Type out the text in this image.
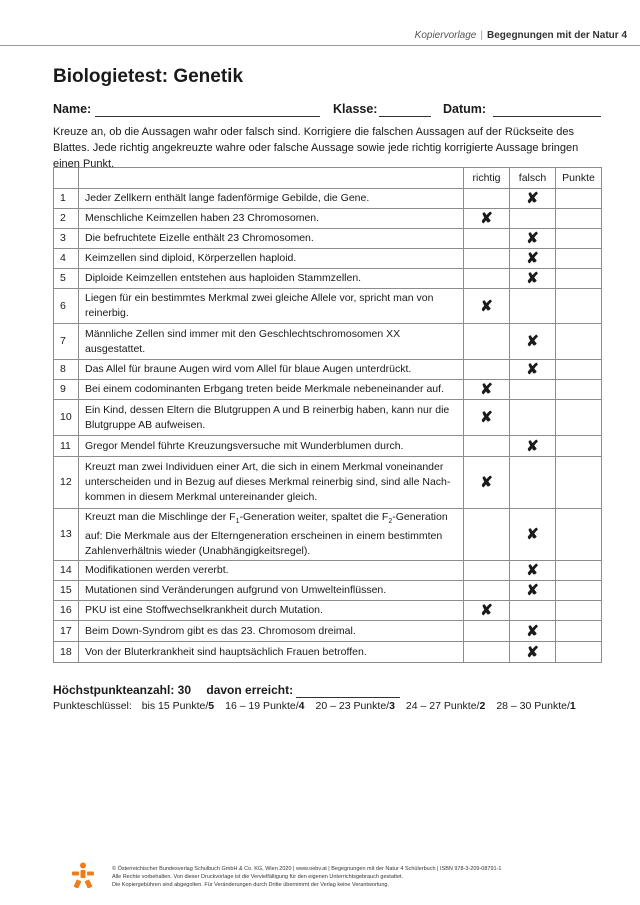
Kopiervorlage | Begegnungen mit der Natur 4
Biologietest: Genetik
Name:	Klasse:	Datum:
Kreuze an, ob die Aussagen wahr oder falsch sind. Korrigiere die falschen Aussagen auf der Rückseite des Blattes. Jede richtig angekreuzte wahre oder falsche Aussage sowie jede richtig korrigierte Aussage bringen einen Punkt.
		richtig	falsch	Punkte
1	Jeder Zellkern enthält lange fadenförmige Gebilde, die Gene.		✘	
2	Menschliche Keimzellen haben 23 Chromosomen.	✘		
3	Die befruchtete Eizelle enthält 23 Chromosomen.		✘	
4	Keimzellen sind diploid, Körperzellen haploid.		✘	
5	Diploide Keimzellen entstehen aus haploiden Stammzellen.		✘	
6	Liegen für ein bestimmtes Merkmal zwei gleiche Allele vor, spricht man von reinerbig.	✘		
7	Männliche Zellen sind immer mit den Geschlechtschromosomen XX ausgestattet.		✘	
8	Das Allel für braune Augen wird vom Allel für blaue Augen unterdrückt.		✘	
9	Bei einem codominanten Erbgang treten beide Merkmale nebeneinander auf.	✘		
10	Ein Kind, dessen Eltern die Blutgruppen A und B reinerbig haben, kann nur die Blutgruppe AB aufweisen.	✘		
11	Gregor Mendel führte Kreuzungsversuche mit Wunderblumen durch.		✘	
12	Kreuzt man zwei Individuen einer Art, die sich in einem Merkmal voneinander unterscheiden und in Bezug auf dieses Merkmal reinerbig sind, sind alle Nach-kommen in diesem Merkmal untereinander gleich.	✘		
13	Kreuzt man die Mischlinge der $F_1$-Generation weiter, spaltet die $F_2$-Generation auf: Die Merkmale aus der Elterngeneration erscheinen in einem bestimmten Zahlenverhältnis wieder (Unabhängigkeitsregel).		✘	
14	Modifikationen werden vererbt.		✘	
15	Mutationen sind Veränderungen aufgrund von Umwelteinflüssen.		✘	
16	PKU ist eine Stoffwechselkrankheit durch Mutation.	✘		
17	Beim Down-Syndrom gibt es das 23. Chromosom dreimal.		✘	
18	Von der Bluterkrankheit sind hauptsächlich Frauen betroffen.		✘	
Höchstpunkteanzahl: 30 davon erreicht:
Punkteschlüssel: bis 15 Punkte/5 16 – 19 Punkte/4 20 – 23 Punkte/3 24 – 27 Punkte/2 28 – 30 Punkte/1
© Österreichischer Bundesverlag Schulbuch GmbH & Co. KG, Wien 2020 | www.oebv.at | Begegnungen mit der Natur 4 Schülerbuch | ISBN 978-3-209-08791-1
Alle Rechte vorbehalten. Von dieser Druckvorlage ist die Vervielfältigung für den eigenen Unterrichtsgebrauch gestattet.
Die Kopiergebühren sind abgegolten. Für Veränderungen durch Dritte übernimmt der Verlag keine Verantwortung.
